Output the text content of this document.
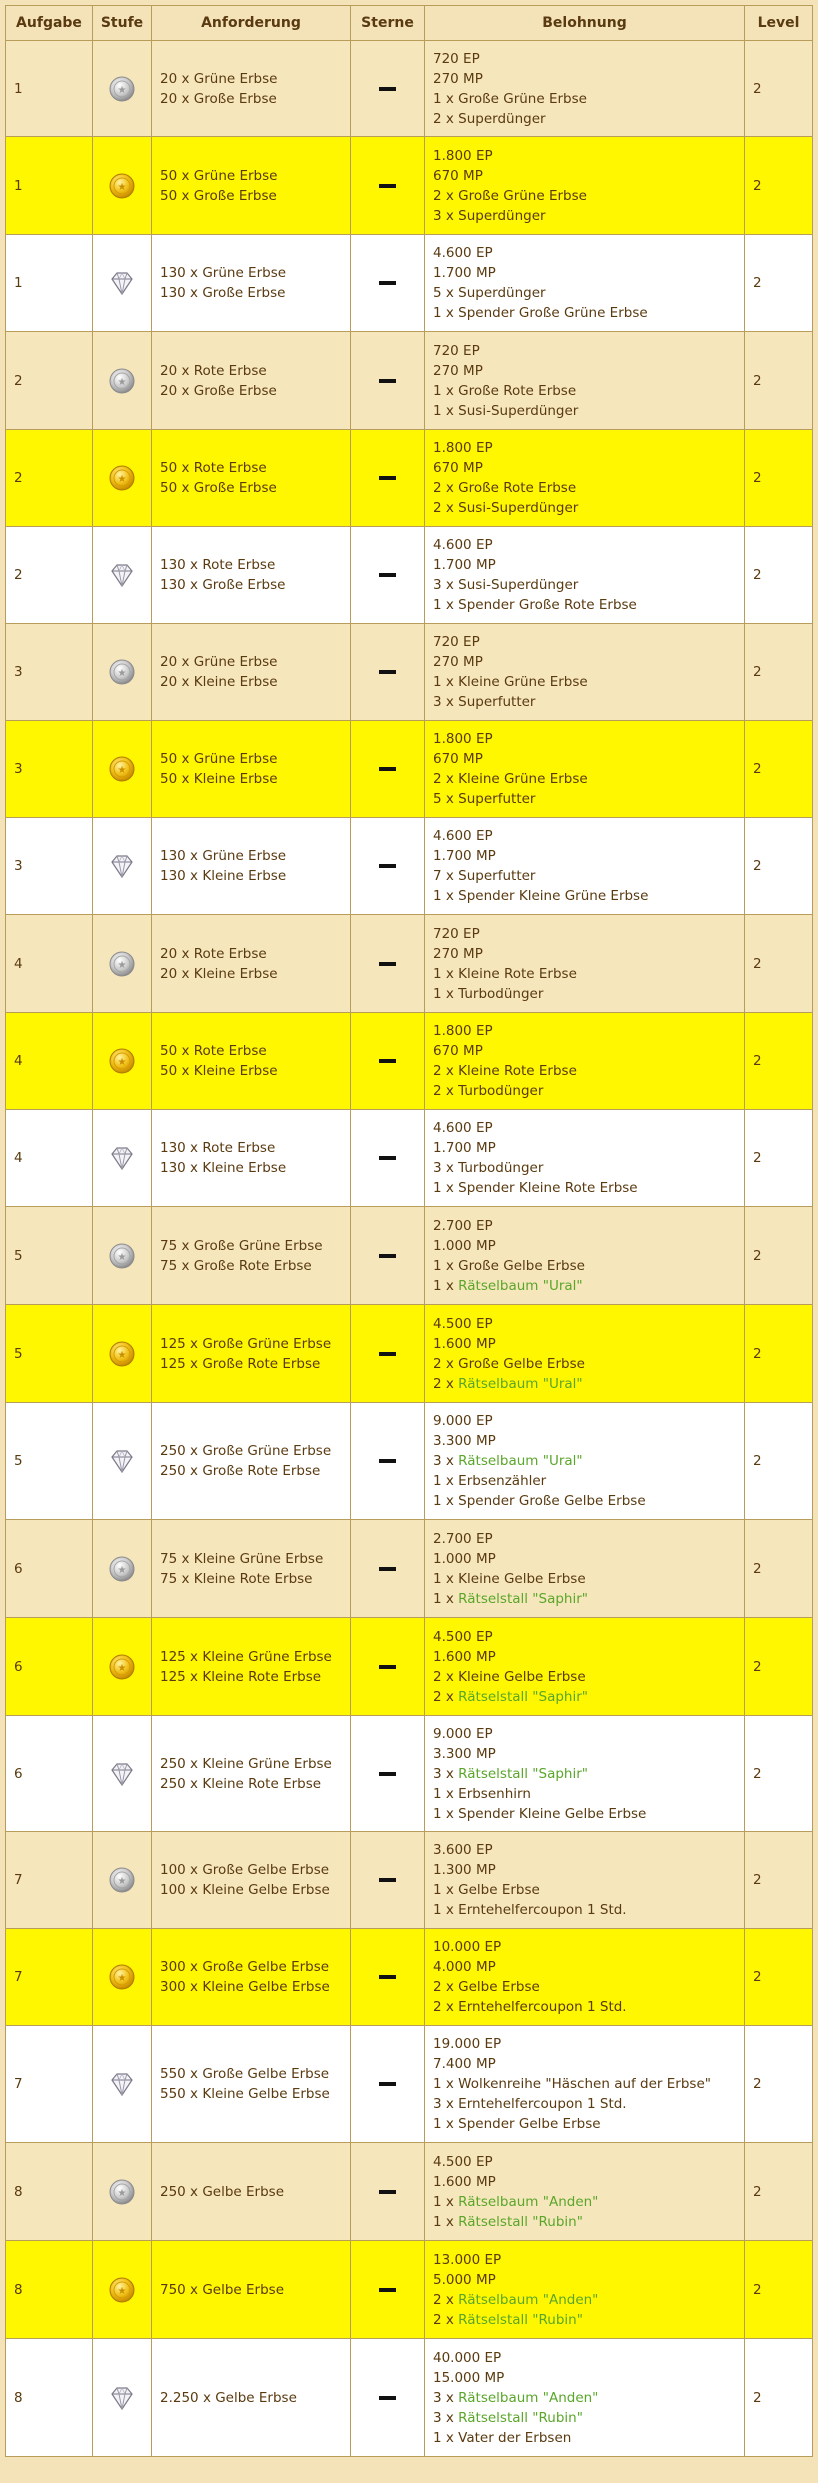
Aufgabe	Stufe	Anforderung	Sterne	Belohnung	Level
1	★	20 x Grüne Erbse
20 x Große Erbse		720 EP
270 MP
1 x Große Grüne Erbse
2 x Superdünger	2
1	★	50 x Grüne Erbse
50 x Große Erbse		1.800 EP
670 MP
2 x Große Grüne Erbse
3 x Superdünger	2
1		130 x Grüne Erbse
130 x Große Erbse		4.600 EP
1.700 MP
5 x Superdünger
1 x Spender Große Grüne Erbse	2
2	★	20 x Rote Erbse
20 x Große Erbse		720 EP
270 MP
1 x Große Rote Erbse
1 x Susi-Superdünger	2
2	★	50 x Rote Erbse
50 x Große Erbse		1.800 EP
670 MP
2 x Große Rote Erbse
2 x Susi-Superdünger	2
2		130 x Rote Erbse
130 x Große Erbse		4.600 EP
1.700 MP
3 x Susi-Superdünger
1 x Spender Große Rote Erbse	2
3	★	20 x Grüne Erbse
20 x Kleine Erbse		720 EP
270 MP
1 x Kleine Grüne Erbse
3 x Superfutter	2
3	★	50 x Grüne Erbse
50 x Kleine Erbse		1.800 EP
670 MP
2 x Kleine Grüne Erbse
5 x Superfutter	2
3		130 x Grüne Erbse
130 x Kleine Erbse		4.600 EP
1.700 MP
7 x Superfutter
1 x Spender Kleine Grüne Erbse	2
4	★	20 x Rote Erbse
20 x Kleine Erbse		720 EP
270 MP
1 x Kleine Rote Erbse
1 x Turbodünger	2
4	★	50 x Rote Erbse
50 x Kleine Erbse		1.800 EP
670 MP
2 x Kleine Rote Erbse
2 x Turbodünger	2
4		130 x Rote Erbse
130 x Kleine Erbse		4.600 EP
1.700 MP
3 x Turbodünger
1 x Spender Kleine Rote Erbse	2
5	★	75 x Große Grüne Erbse
75 x Große Rote Erbse		2.700 EP
1.000 MP
1 x Große Gelbe Erbse
1 x Rätselbaum "Ural"	2
5	★	125 x Große Grüne Erbse
125 x Große Rote Erbse		4.500 EP
1.600 MP
2 x Große Gelbe Erbse
2 x Rätselbaum "Ural"	2
5		250 x Große Grüne Erbse
250 x Große Rote Erbse		9.000 EP
3.300 MP
3 x Rätselbaum "Ural"
1 x Erbsenzähler
1 x Spender Große Gelbe Erbse	2
6	★	75 x Kleine Grüne Erbse
75 x Kleine Rote Erbse		2.700 EP
1.000 MP
1 x Kleine Gelbe Erbse
1 x Rätselstall "Saphir"	2
6	★	125 x Kleine Grüne Erbse
125 x Kleine Rote Erbse		4.500 EP
1.600 MP
2 x Kleine Gelbe Erbse
2 x Rätselstall "Saphir"	2
6		250 x Kleine Grüne Erbse
250 x Kleine Rote Erbse		9.000 EP
3.300 MP
3 x Rätselstall "Saphir"
1 x Erbsenhirn
1 x Spender Kleine Gelbe Erbse	2
7	★	100 x Große Gelbe Erbse
100 x Kleine Gelbe Erbse		3.600 EP
1.300 MP
1 x Gelbe Erbse
1 x Erntehelfercoupon 1 Std.	2
7	★	300 x Große Gelbe Erbse
300 x Kleine Gelbe Erbse		10.000 EP
4.000 MP
2 x Gelbe Erbse
2 x Erntehelfercoupon 1 Std.	2
7		550 x Große Gelbe Erbse
550 x Kleine Gelbe Erbse		19.000 EP
7.400 MP
1 x Wolkenreihe "Häschen auf der Erbse"
3 x Erntehelfercoupon 1 Std.
1 x Spender Gelbe Erbse	2
8	★	250 x Gelbe Erbse		4.500 EP
1.600 MP
1 x Rätselbaum "Anden"
1 x Rätselstall "Rubin"	2
8	★	750 x Gelbe Erbse		13.000 EP
5.000 MP
2 x Rätselbaum "Anden"
2 x Rätselstall "Rubin"	2
8		2.250 x Gelbe Erbse		40.000 EP
15.000 MP
3 x Rätselbaum "Anden"
3 x Rätselstall "Rubin"
1 x Vater der Erbsen	2
